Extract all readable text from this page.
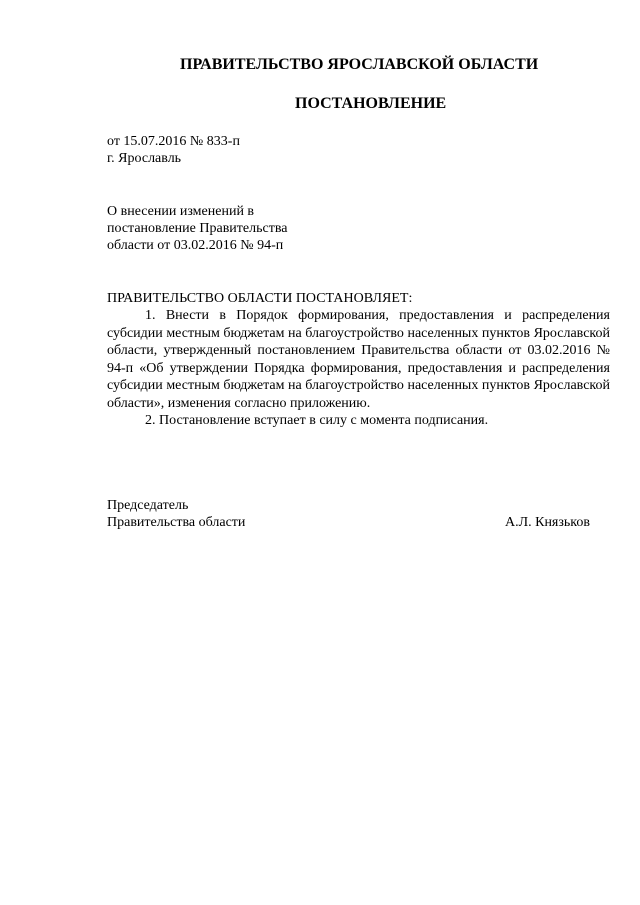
ПРАВИТЕЛЬСТВО ЯРОСЛАВСКОЙ ОБЛАСТИ
ПОСТАНОВЛЕНИЕ
от 15.07.2016 № 833-п
г. Ярославль
О внесении изменений в
постановление Правительства
области от 03.02.2016 № 94-п
ПРАВИТЕЛЬСТВО ОБЛАСТИ ПОСТАНОВЛЯЕТ:

1. Внести в Порядок формирования, предоставления и распределения субсидии местным бюджетам на благоустройство населенных пунктов Ярославской области, утвержденный постановлением Правительства области от 03.02.2016 № 94-п «Об утверждении Порядка формирования, предоставления и распределения субсидии местным бюджетам на благоустройство населенных пунктов Ярославской области», изменения согласно приложению.

2. Постановление вступает в силу с момента подписания.

Председатель
Правительства области	А.Л. Князьков
